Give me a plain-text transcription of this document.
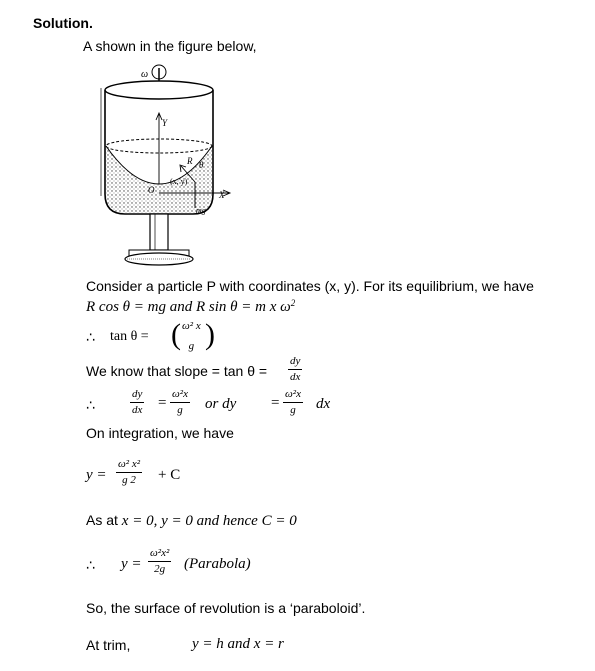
Solution.
A shown in the figure below,
ω
Y
X
θ
R
(x, y)
O
mg
Consider a particle P with coordinates (x, y). For its equilibrium, we have
R cos θ = mg and R sin θ = m x $\omega^2$
∴ tan θ = ( ω² x
g )
We know that slope = $\tan \theta = \frac{dy}{dx}$
∴	$\frac{dy}{dx} = \frac{\text{ω²x}}{g}$ or dy = $\frac{\text{ω²x}}{g}$ dx
On integration, we have
$y = \frac{\text{ω² x²}}{g 2} + C$
As at x = 0, y = 0 and hence C = 0
∴ $y = \frac{\text{ω²x²}}{2g}$ (Parabola)
So, the surface of revolution is a ‘paraboloid’.
At trim,	y = h and x = r
